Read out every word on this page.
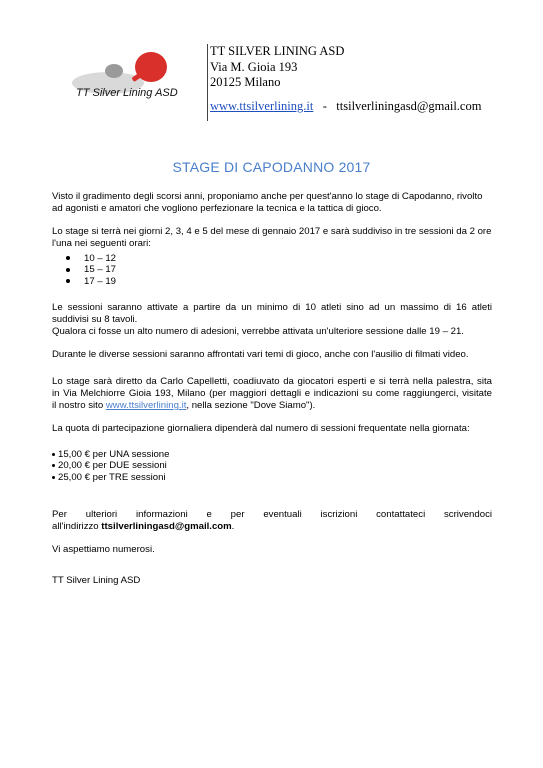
TT Silver Lining ASD
TT SILVER LINING ASD
Via M. Gioia 193
20125 Milano
www.ttsilverlining.it - ttsilverliningasd@gmail.com
STAGE DI CAPODANNO 2017
Visto il gradimento degli scorsi anni, proponiamo anche per quest'anno lo stage di Capodanno, rivolto ad agonisti e amatori che vogliono perfezionare la tecnica e la tattica di gioco.
Lo stage si terrà nei giorni 2, 3, 4 e 5 del mese di gennaio 2017 e sarà suddiviso in tre sessioni da 2 ore l'una nei seguenti orari:
10 – 12
15 – 17
17 – 19
Le sessioni saranno attivate a partire da un minimo di 10 atleti sino ad un massimo di 16 atleti
suddivisi su 8 tavoli.
Qualora ci fosse un alto numero di adesioni, verrebbe attivata un'ulteriore sessione dalle 19 – 21.
Durante le diverse sessioni saranno affrontati vari temi di gioco, anche con l'ausilio di filmati video.
Lo stage sarà diretto da Carlo Capelletti, coadiuvato da giocatori esperti e si terrà nella palestra, sita
in Via Melchiorre Gioia 193, Milano (per maggiori dettagli e indicazioni su come raggiungerci, visitate
il nostro sito www.ttsilverlining.it, nella sezione "Dove Siamo").
La quota di partecipazione giornaliera dipenderà dal numero di sessioni frequentate nella giornata:
15,00 € per UNA sessione
20,00 € per DUE sessioni
25,00 € per TRE sessioni
Per ulteriori informazioni e per eventuali iscrizioni contattateci scrivendoci
all'indirizzo ttsilverliningasd@gmail.com.
Vi aspettiamo numerosi.
TT Silver Lining ASD
